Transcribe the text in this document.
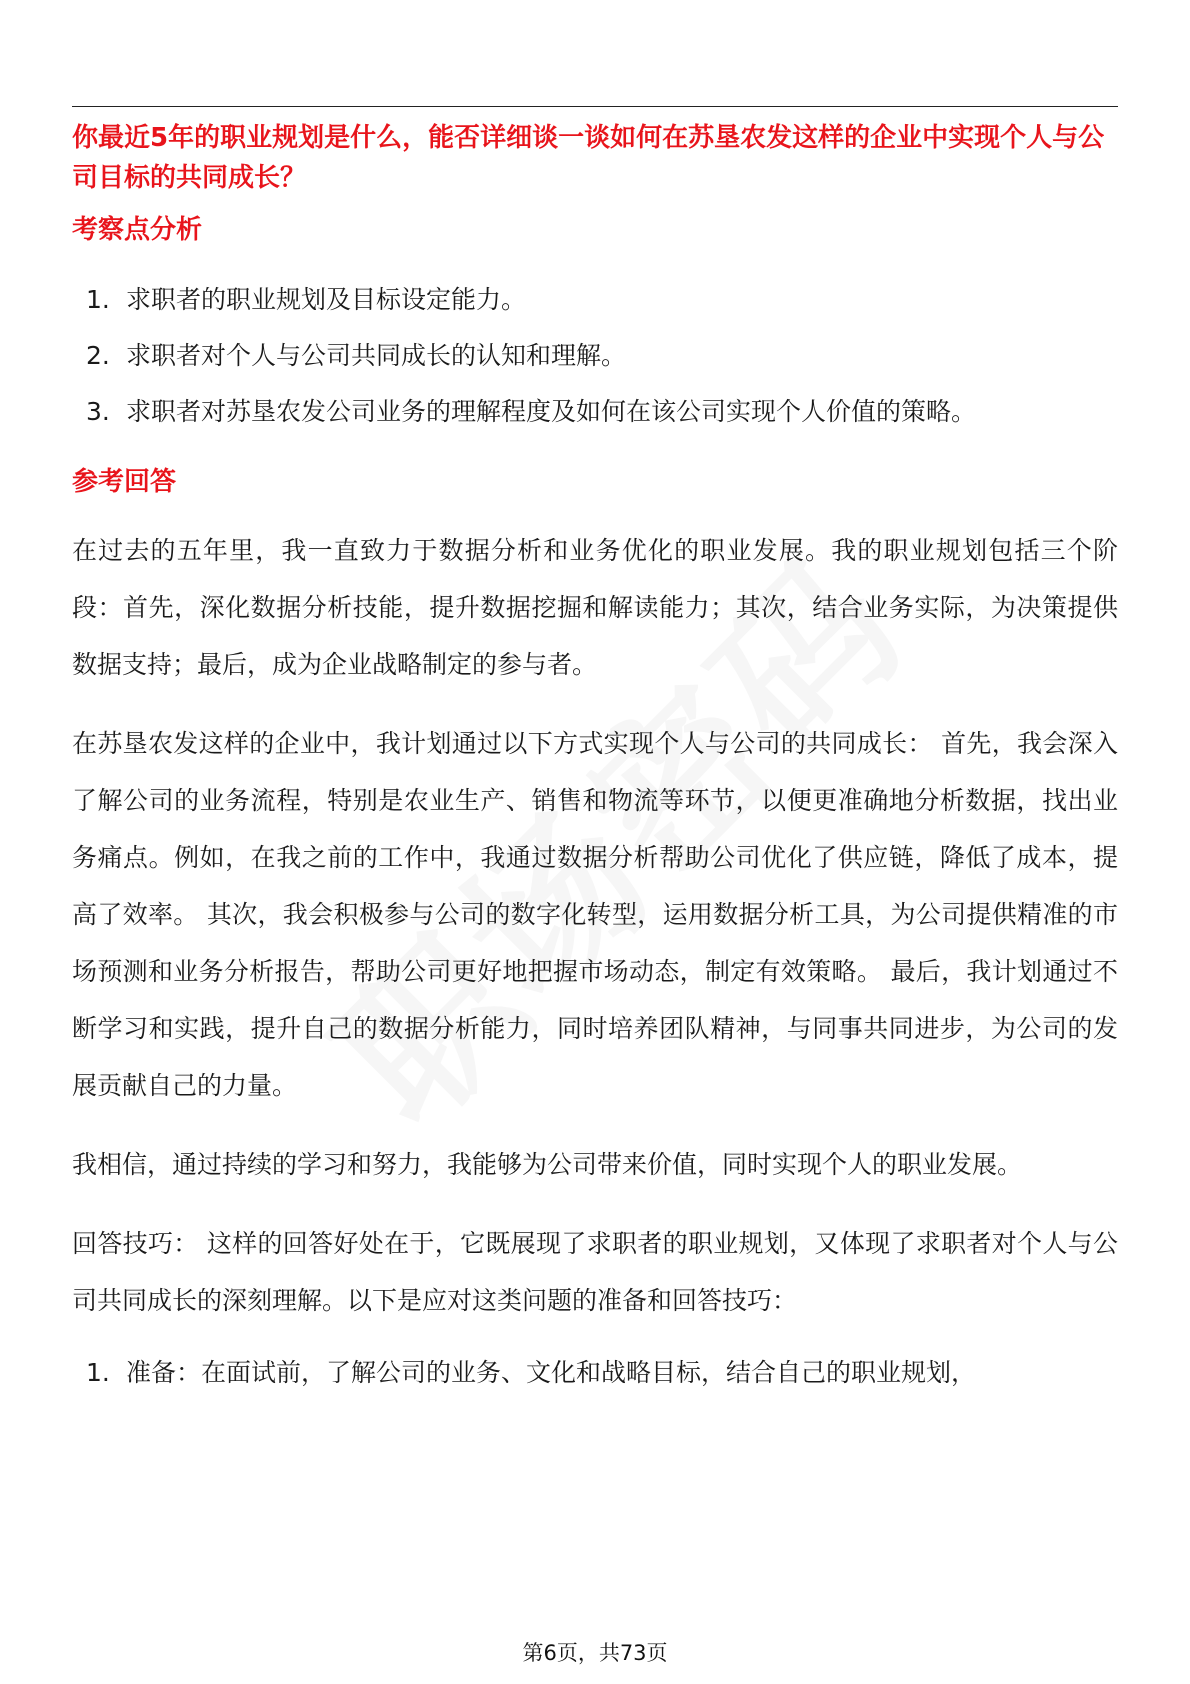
你最近5年的职业规划是什么，能否详细谈一谈如何在苏垦农发这样的企业中实现个人与公司目标的共同成长？

考察点分析

1. 求职者的职业规划及目标设定能力。
2. 求职者对个人与公司共同成长的认知和理解。
3. 求职者对苏垦农发公司业务的理解程度及如何在该公司实现个人价值的策略。

参考回答

在过去的五年里，我一直致力于数据分析和业务优化的职业发展。我的职业规划包括三个阶段：首先，深化数据分析技能，提升数据挖掘和解读能力；其次，结合业务实际，为决策提供数据支持；最后，成为企业战略制定的参与者。

在苏垦农发这样的企业中，我计划通过以下方式实现个人与公司的共同成长： 首先，我会深入了解公司的业务流程，特别是农业生产、销售和物流等环节，以便更准确地分析数据，找出业务痛点。例如，在我之前的工作中，我通过数据分析帮助公司优化了供应链，降低了成本，提高了效率。 其次，我会积极参与公司的数字化转型，运用数据分析工具，为公司提供精准的市场预测和业务分析报告，帮助公司更好地把握市场动态，制定有效策略。 最后，我计划通过不断学习和实践，提升自己的数据分析能力，同时培养团队精神，与同事共同进步，为公司的发展贡献自己的力量。

我相信，通过持续的学习和努力，我能够为公司带来价值，同时实现个人的职业发展。

回答技巧： 这样的回答好处在于，它既展现了求职者的职业规划，又体现了求职者对个人与公司共同成长的深刻理解。以下是应对这类问题的准备和回答技巧：

1. 准备：在面试前，了解公司的业务、文化和战略目标，结合自己的职业规划，
第6页，共73页
